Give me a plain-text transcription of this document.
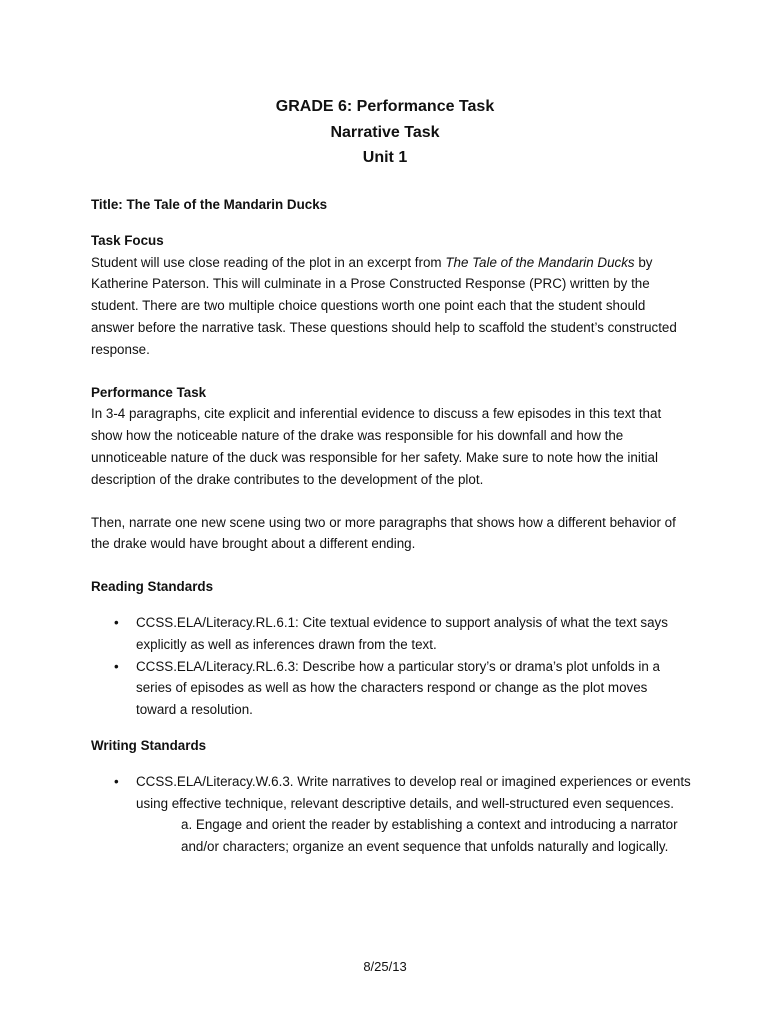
GRADE 6: Performance Task
Narrative Task
Unit 1

Title: The Tale of the Mandarin Ducks

Task Focus

Student will use close reading of the plot in an excerpt from The Tale of the Mandarin Ducks by Katherine Paterson. This will culminate in a Prose Constructed Response (PRC) written by the student. There are two multiple choice questions worth one point each that the student should answer before the narrative task. These questions should help to scaffold the student’s constructed response.

Performance Task

In 3-4 paragraphs, cite explicit and inferential evidence to discuss a few episodes in this text that show how the noticeable nature of the drake was responsible for his downfall and how the unnoticeable nature of the duck was responsible for her safety. Make sure to note how the initial description of the drake contributes to the development of the plot.

Then, narrate one new scene using two or more paragraphs that shows how a different behavior of the drake would have brought about a different ending.

Reading Standards

• CCSS.ELA/Literacy.RL.6.1: Cite textual evidence to support analysis of what the text says explicitly as well as inferences drawn from the text.
• CCSS.ELA/Literacy.RL.6.3: Describe how a particular story’s or drama’s plot unfolds in a series of episodes as well as how the characters respond or change as the plot moves toward a resolution.

Writing Standards

• CCSS.ELA/Literacy.W.6.3. Write narratives to develop real or imagined experiences or events using effective technique, relevant descriptive details, and well-structured even sequences.

a. Engage and orient the reader by establishing a context and introducing a narrator and/or characters; organize an event sequence that unfolds naturally and logically.

8/25/13
